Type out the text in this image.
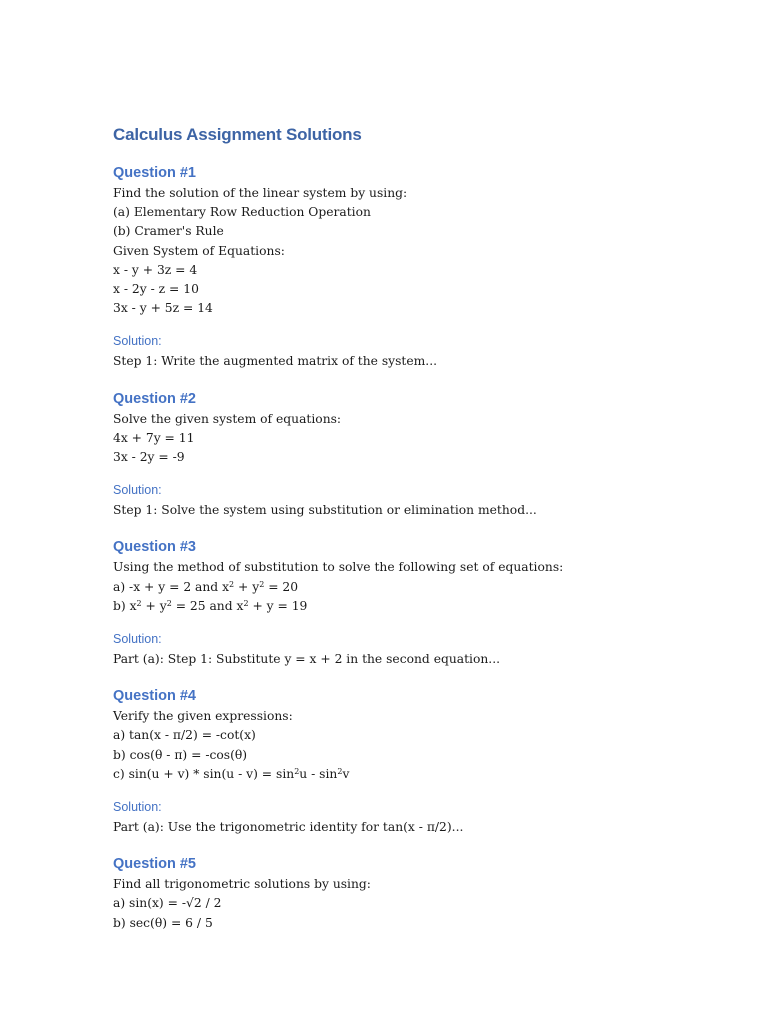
Calculus Assignment Solutions
Question #1

Find the solution of the linear system by using:

(a) Elementary Row Reduction Operation

(b) Cramer's Rule

Given System of Equations:

x - y + 3z = 4

x - 2y - z = 10

3x - y + 5z = 14

Solution:

Step 1: Write the augmented matrix of the system...

Question #2

Solve the given system of equations:

4x + 7y = 11

3x - 2y = -9

Solution:

Step 1: Solve the system using substitution or elimination method...

Question #3

Using the method of substitution to solve the following set of equations:

a) -x + y = 2 and $x^2 + y^2 = 20$

b) $x^2 + y^2 = 25$ and $x^2 + y = 19$

Solution:

Part (a): Step 1: Substitute y = x + 2 in the second equation...

Question #4

Verify the given expressions:

a) tan(x - π/2) = -cot(x)

b) cos(θ - π) = -cos(θ)

c) $\sin(u + v) * \sin(u - v) = \sin^2u - \sin^2v$

Solution:

Part (a): Use the trigonometric identity for tan(x - π/2)...

Question #5

Find all trigonometric solutions by using:

a) sin(x) = -√2 / 2

b) sec(θ) = 6 / 5
